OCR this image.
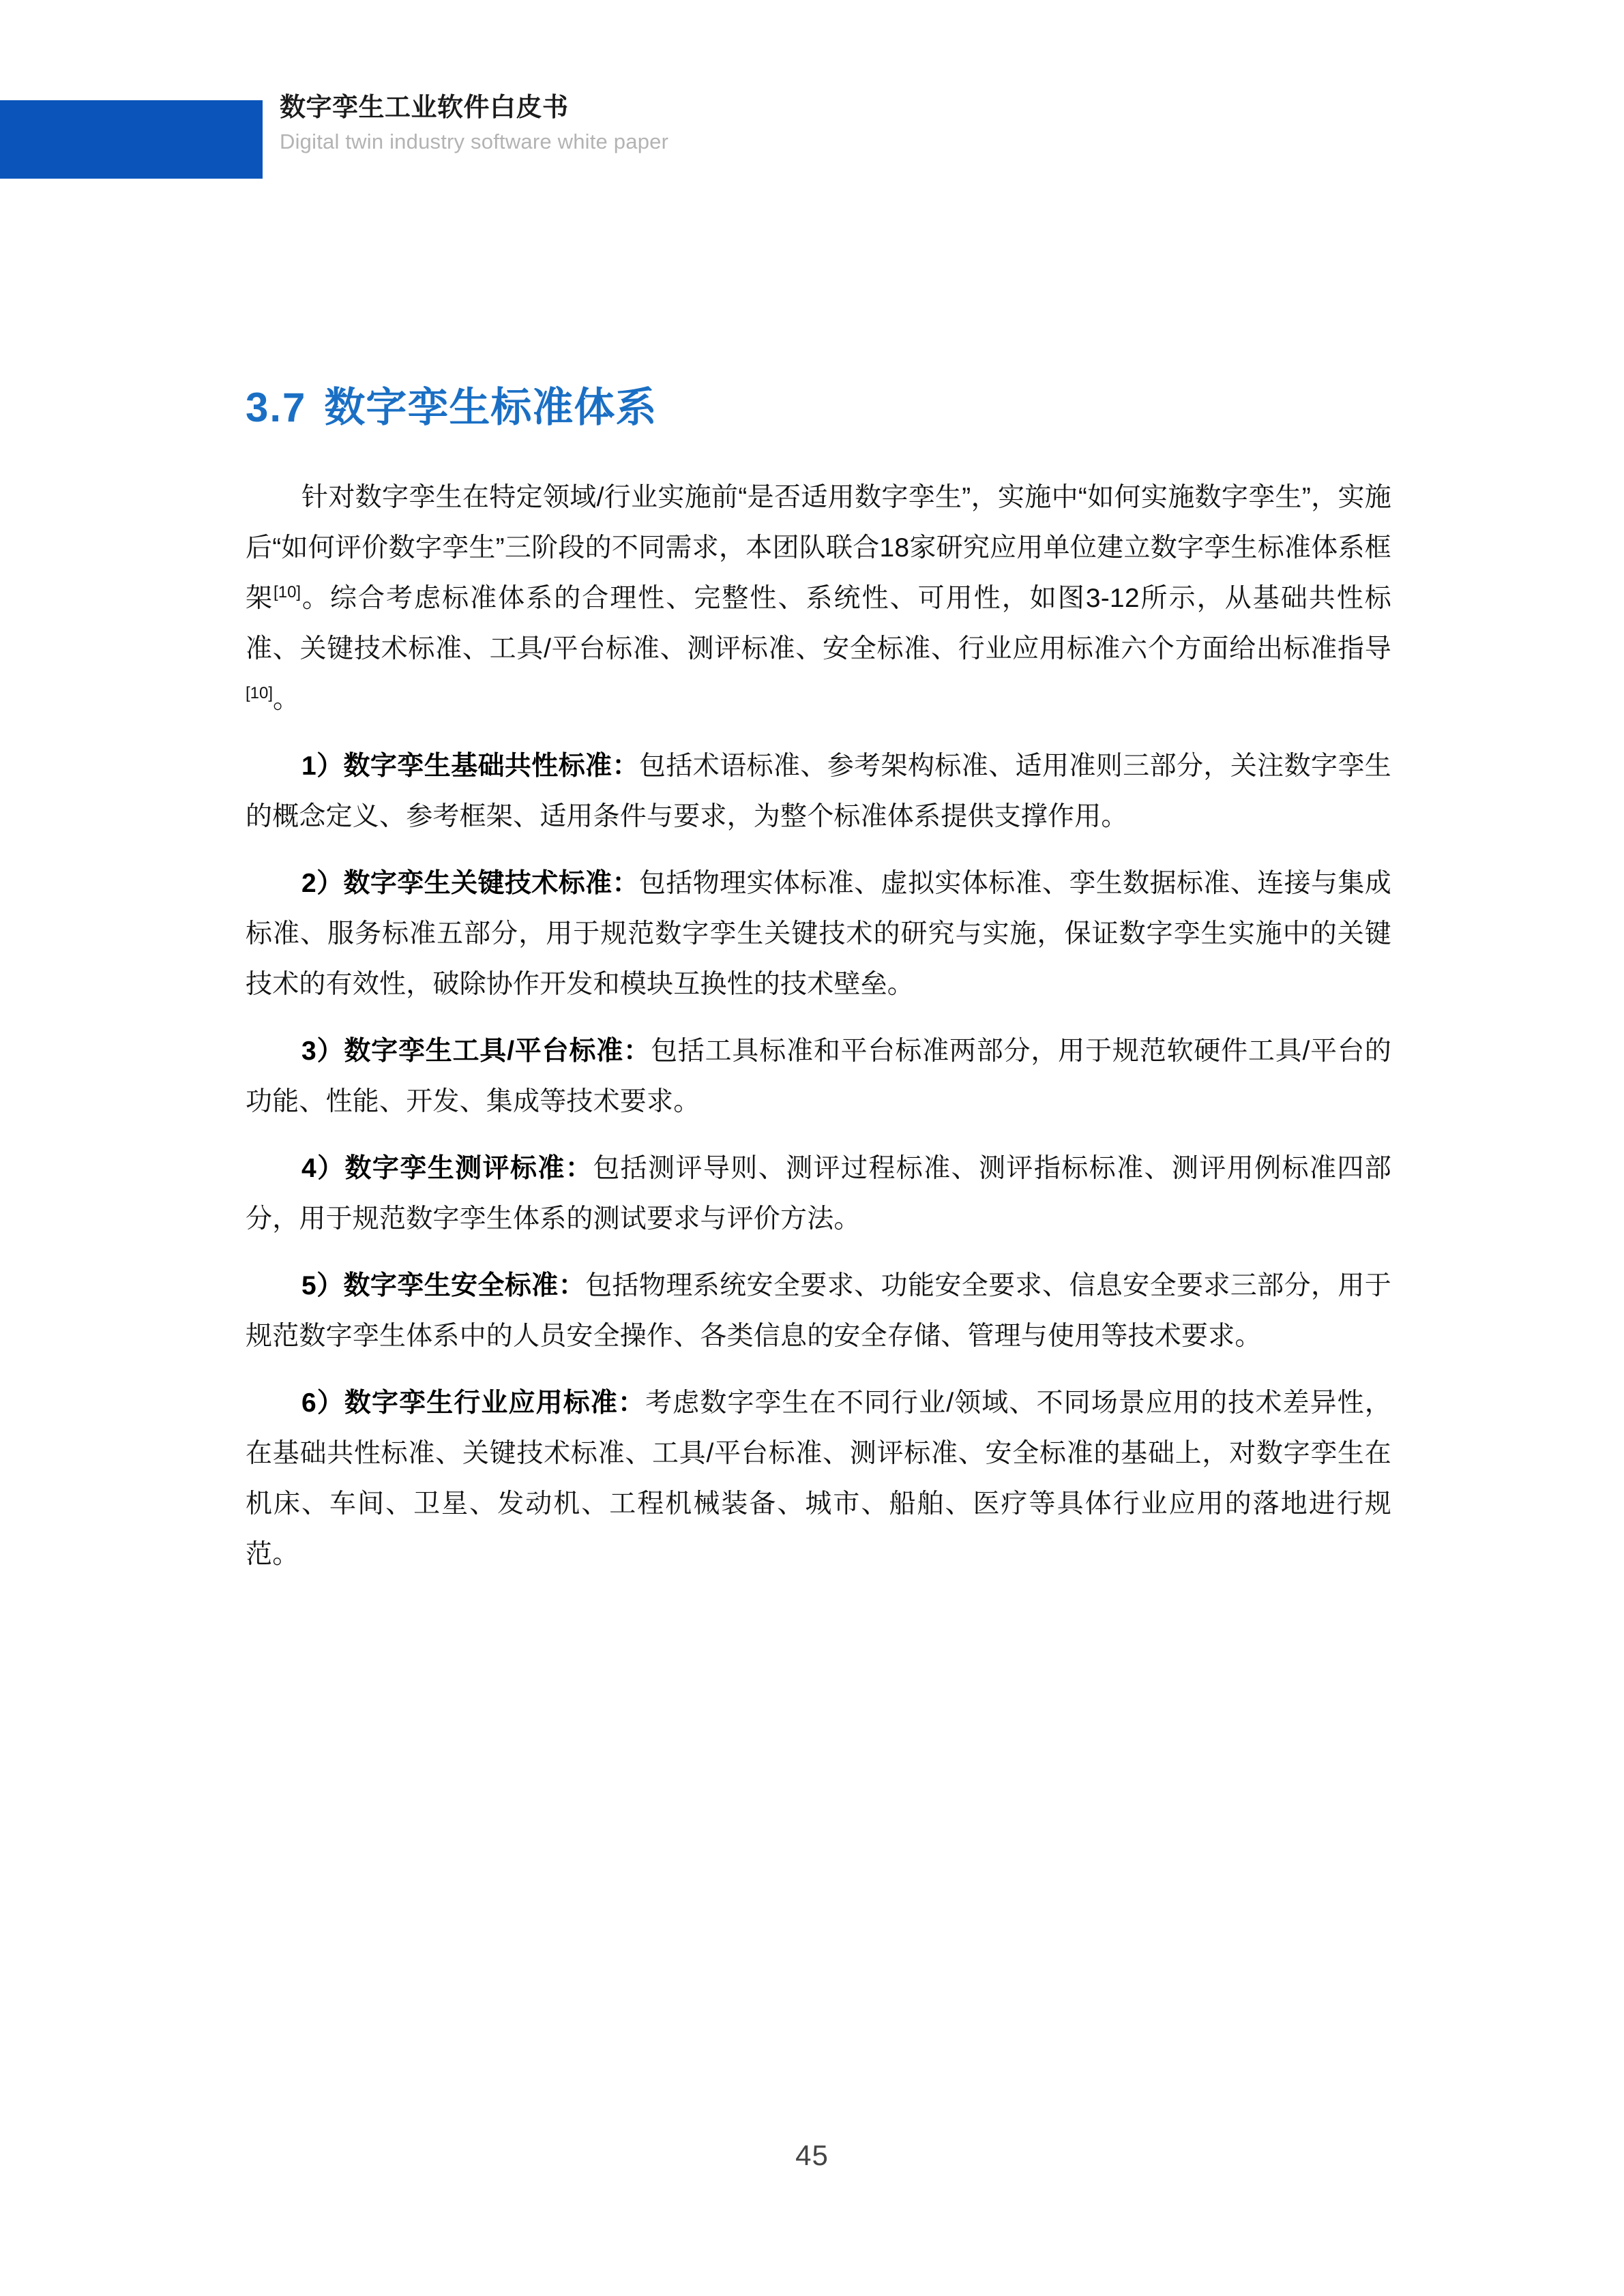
数字孪生工业软件白皮书
Digital twin industry software white paper
3.7 数字孪生标准体系

针对数字孪生在特定领域/行业实施前“是否适用数字孪生”，实施中“如何实施数字孪生”，实施后“如何评价数字孪生”三阶段的不同需求，本团队联合18家研究应用单位建立数字孪生标准体系框架[10]。综合考虑标准体系的合理性、完整性、系统性、可用性，如图3-12所示，从基础共性标准、关键技术标准、工具/平台标准、测评标准、安全标准、行业应用标准六个方面给出标准指导[10]。

1）数字孪生基础共性标准：包括术语标准、参考架构标准、适用准则三部分，关注数字孪生的概念定义、参考框架、适用条件与要求，为整个标准体系提供支撑作用。

2）数字孪生关键技术标准：包括物理实体标准、虚拟实体标准、孪生数据标准、连接与集成标准、服务标准五部分，用于规范数字孪生关键技术的研究与实施，保证数字孪生实施中的关键技术的有效性，破除协作开发和模块互换性的技术壁垒。

3）数字孪生工具/平台标准：包括工具标准和平台标准两部分，用于规范软硬件工具/平台的功能、性能、开发、集成等技术要求。

4）数字孪生测评标准：包括测评导则、测评过程标准、测评指标标准、测评用例标准四部分，用于规范数字孪生体系的测试要求与评价方法。

5）数字孪生安全标准：包括物理系统安全要求、功能安全要求、信息安全要求三部分，用于规范数字孪生体系中的人员安全操作、各类信息的安全存储、管理与使用等技术要求。

6）数字孪生行业应用标准：考虑数字孪生在不同行业/领域、不同场景应用的技术差异性，在基础共性标准、关键技术标准、工具/平台标准、测评标准、安全标准的基础上，对数字孪生在机床、车间、卫星、发动机、工程机械装备、城市、船舶、医疗等具体行业应用的落地进行规范。

45
